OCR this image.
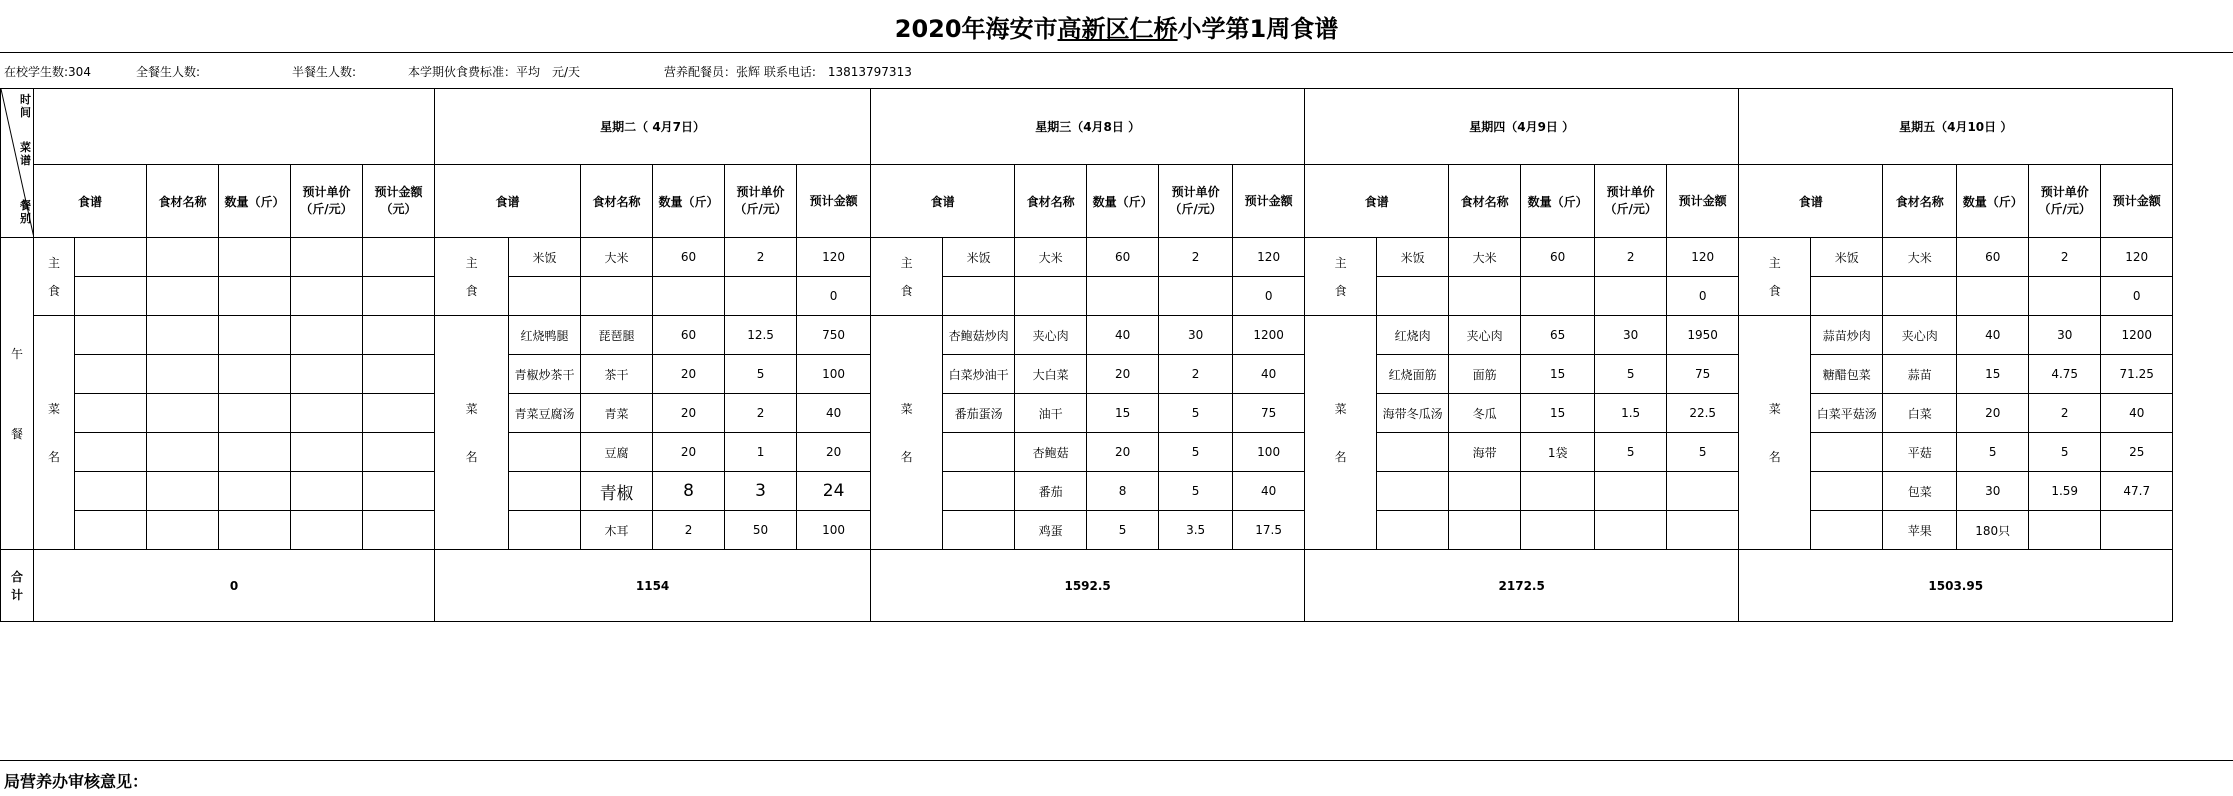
2020年海安市 高新区仁桥 小学第1周食谱
在校学生数:304	全餐生人数:	半餐生人数:	本学期伙食费标准：平均　元/天	营养配餐员：张辉 联系电话:　13813797313
时间
菜谱
餐别							星期二（ 4月7日）						星期三（4月8日 ）						星期四（4月9日 ）						星期五（4月10日 ）					
	食谱		食材名称	数量（斤）	预计单价（斤/元）	预计金额（元）	食谱		食材名称	数量（斤）	预计单价（斤/元）	预计金额	食谱		食材名称	数量（斤）	预计单价（斤/元）	预计金额	食谱		食材名称	数量（斤）	预计单价（斤/元）	预计金额	食谱		食材名称	数量（斤）	预计单价（斤/元）	预计金额
午餐	主食						主食	米饭	大米	60	2	120	主食	米饭	大米	60	2	120	主食	米饭	大米	60	2	120	主食	米饭	大米	60	2	120
												0						0						0						0
	菜名						菜名	红烧鸭腿	琵琶腿	60	12.5	750	菜名	杏鲍菇炒肉	夹心肉	40	30	1200	菜名	红烧肉	夹心肉	65	30	1950	菜名	蒜苗炒肉	夹心肉	40	30	1200
								青椒炒茶干	茶干	20	5	100		白菜炒油干	大白菜	20	2	40		红烧面筋	面筋	15	5	75		糖醋包菜	蒜苗	15	4.75	71.25
								青菜豆腐汤	青菜	20	2	40		番茄蛋汤	油干	15	5	75		海带冬瓜汤	冬瓜	15	1.5	22.5		白菜平菇汤	白菜	20	2	40
									豆腐	20	1	20			杏鲍菇	20	5	100			海带	1袋	5	5			平菇	5	5	25
									青椒	8	3	24			番茄	8	5	40									包菜	30	1.59	47.7
									木耳	2	50	100			鸡蛋	5	3.5	17.5									苹果	180只		
合计	0						1154						1592.5						2172.5						1503.95					
局营养办审核意见：
